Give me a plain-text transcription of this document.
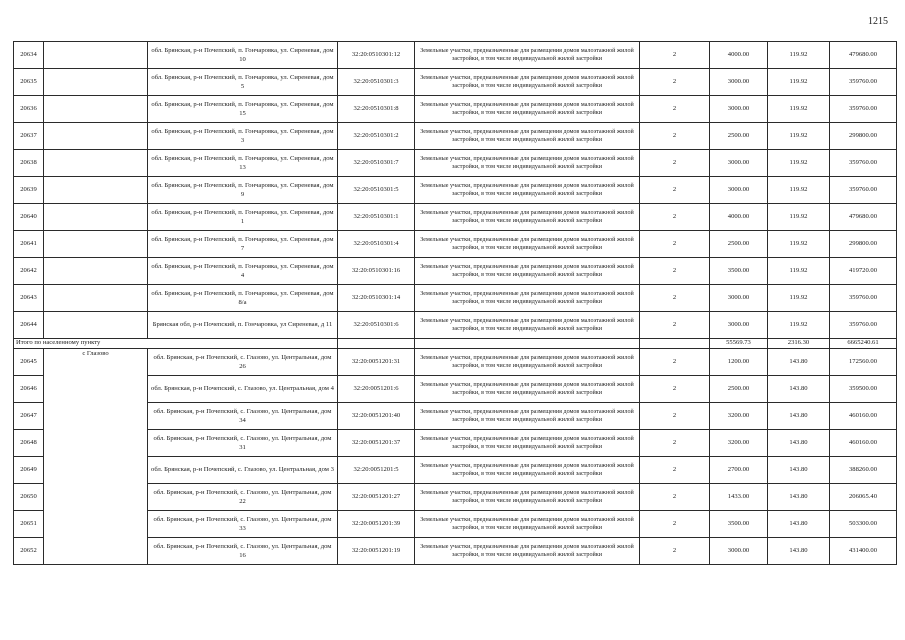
1215
20634		обл. Брянская, р-н Почепский, п. Гончаровка, ул. Сиреневая, дом 10	32:20:0510301:12	Земельные участки, предназначенные для размещения домов малоэтажной жилой застройки, в том числе индивидуальной жилой застройки	2	4000.00	119.92	479680.00
20635		обл. Брянская, р-н Почепский, п. Гончаровка, ул. Сиреневая, дом 5	32:20:0510301:3	Земельные участки, предназначенные для размещения домов малоэтажной жилой застройки, в том числе индивидуальной жилой застройки	2	3000.00	119.92	359760.00
20636		обл. Брянская, р-н Почепский, п. Гончаровка, ул. Сиреневая, дом 15	32:20:0510301:8	Земельные участки, предназначенные для размещения домов малоэтажной жилой застройки, в том числе индивидуальной жилой застройки	2	3000.00	119.92	359760.00
20637		обл. Брянская, р-н Почепский, п. Гончаровка, ул. Сиреневая, дом 3	32:20:0510301:2	Земельные участки, предназначенные для размещения домов малоэтажной жилой застройки, в том числе индивидуальной жилой застройки	2	2500.00	119.92	299800.00
20638		обл. Брянская, р-н Почепский, п. Гончаровка, ул. Сиреневая, дом 13	32:20:0510301:7	Земельные участки, предназначенные для размещения домов малоэтажной жилой застройки, в том числе индивидуальной жилой застройки	2	3000.00	119.92	359760.00
20639		обл. Брянская, р-н Почепский, п. Гончаровка, ул. Сиреневая, дом 9	32:20:0510301:5	Земельные участки, предназначенные для размещения домов малоэтажной жилой застройки, в том числе индивидуальной жилой застройки	2	3000.00	119.92	359760.00
20640		обл. Брянская, р-н Почепский, п. Гончаровка, ул. Сиреневая, дом 1	32:20:0510301:1	Земельные участки, предназначенные для размещения домов малоэтажной жилой застройки, в том числе индивидуальной жилой застройки	2	4000.00	119.92	479680.00
20641		обл. Брянская, р-н Почепский, п. Гончаровка, ул. Сиреневая, дом 7	32:20:0510301:4	Земельные участки, предназначенные для размещения домов малоэтажной жилой застройки, в том числе индивидуальной жилой застройки	2	2500.00	119.92	299800.00
20642		обл. Брянская, р-н Почепский, п. Гончаровка, ул. Сиреневая, дом 4	32:20:0510301:16	Земельные участки, предназначенные для размещения домов малоэтажной жилой застройки, в том числе индивидуальной жилой застройки	2	3500.00	119.92	419720.00
20643		обл. Брянская, р-н Почепский, п. Гончаровка, ул. Сиреневая, дом 8/а	32:20:0510301:14	Земельные участки, предназначенные для размещения домов малоэтажной жилой застройки, в том числе индивидуальной жилой застройки	2	3000.00	119.92	359760.00
20644		Брянская обл, р-н Почепский, п. Гончаровка, ул Сиреневая, д 11	32:20:0510301:6	Земельные участки, предназначенные для размещения домов малоэтажной жилой застройки, в том числе индивидуальной жилой застройки	2	3000.00	119.92	359760.00
Итого по населенному пункту						55569.73	2316.30	6665240.61
20645	с Глазово	обл. Брянская, р-н Почепский, с. Глазово, ул. Центральная, дом 26	32:20:0051201:31	Земельные участки, предназначенные для размещения домов малоэтажной жилой застройки, в том числе индивидуальной жилой застройки	2	1200.00	143.80	172560.00
20646		обл. Брянская, р-н Почепский, с. Глазово, ул. Центральная, дом 4	32:20:0051201:6	Земельные участки, предназначенные для размещения домов малоэтажной жилой застройки, в том числе индивидуальной жилой застройки	2	2500.00	143.80	359500.00
20647		обл. Брянская, р-н Почепский, с. Глазово, ул. Центральная, дом 34	32:20:0051201:40	Земельные участки, предназначенные для размещения домов малоэтажной жилой застройки, в том числе индивидуальной жилой застройки	2	3200.00	143.80	460160.00
20648		обл. Брянская, р-н Почепский, с. Глазово, ул. Центральная, дом 31	32:20:0051201:37	Земельные участки, предназначенные для размещения домов малоэтажной жилой застройки, в том числе индивидуальной жилой застройки	2	3200.00	143.80	460160.00
20649		обл. Брянская, р-н Почепский, с. Глазово, ул. Центральная, дом 3	32:20:0051201:5	Земельные участки, предназначенные для размещения домов малоэтажной жилой застройки, в том числе индивидуальной жилой застройки	2	2700.00	143.80	388260.00
20650		обл. Брянская, р-н Почепский, с. Глазово, ул. Центральная, дом 22	32:20:0051201:27	Земельные участки, предназначенные для размещения домов малоэтажной жилой застройки, в том числе индивидуальной жилой застройки	2	1433.00	143.80	206065.40
20651		обл. Брянская, р-н Почепский, с. Глазово, ул. Центральная, дом 33	32:20:0051201:39	Земельные участки, предназначенные для размещения домов малоэтажной жилой застройки, в том числе индивидуальной жилой застройки	2	3500.00	143.80	503300.00
20652		обл. Брянская, р-н Почепский, с. Глазово, ул. Центральная, дом 16	32:20:0051201:19	Земельные участки, предназначенные для размещения домов малоэтажной жилой застройки, в том числе индивидуальной жилой застройки	2	3000.00	143.80	431400.00
